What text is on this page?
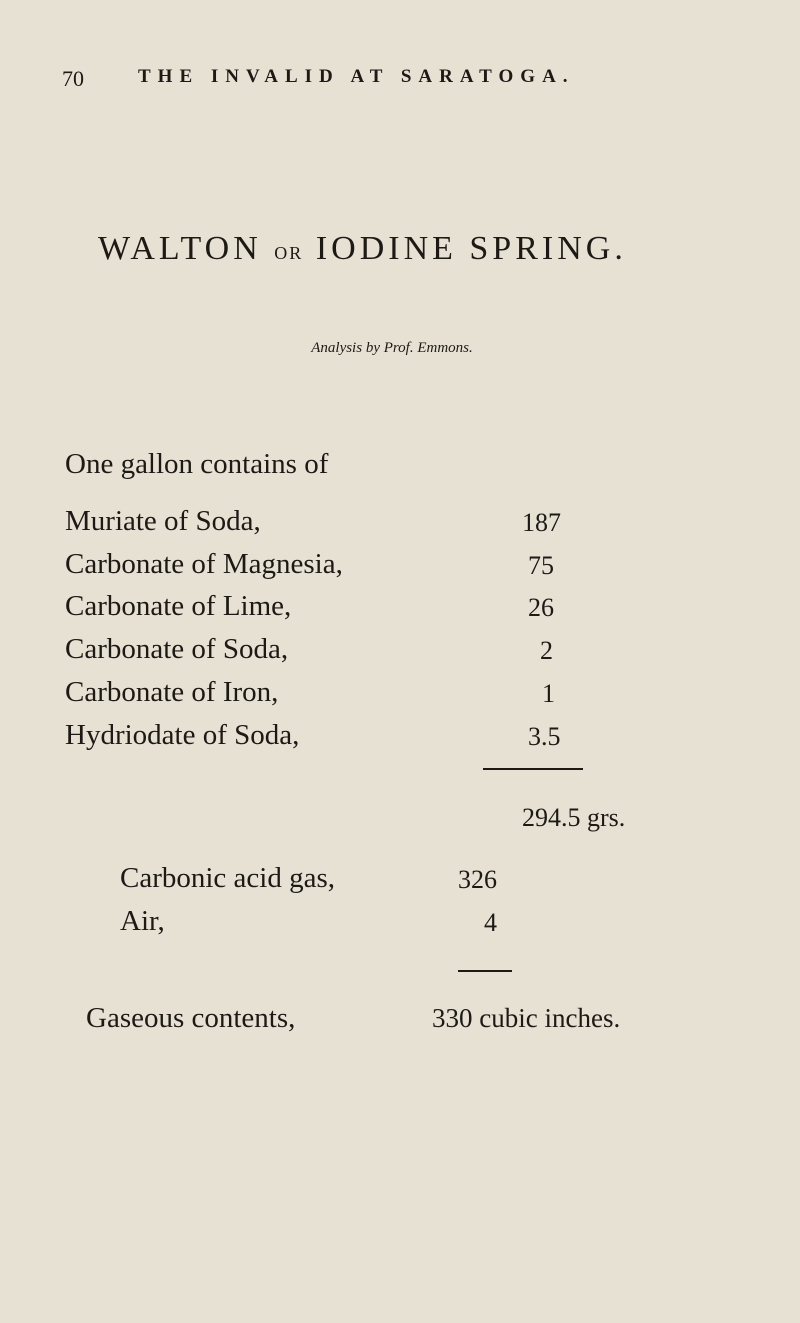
70	THE INVALID AT SARATOGA.
WALTON OR IODINE SPRING.
Analysis by Prof. Emmons.
One gallon contains of
Muriate of Soda,	187
Carbonate of Magnesia,	75
Carbonate of Lime,	26
Carbonate of Soda,	2
Carbonate of Iron,	1
Hydriodate of Soda,	3.5
294.5 grs.
Carbonic acid gas,	326
Air,	4
Gaseous contents,	330 cubic inches.
